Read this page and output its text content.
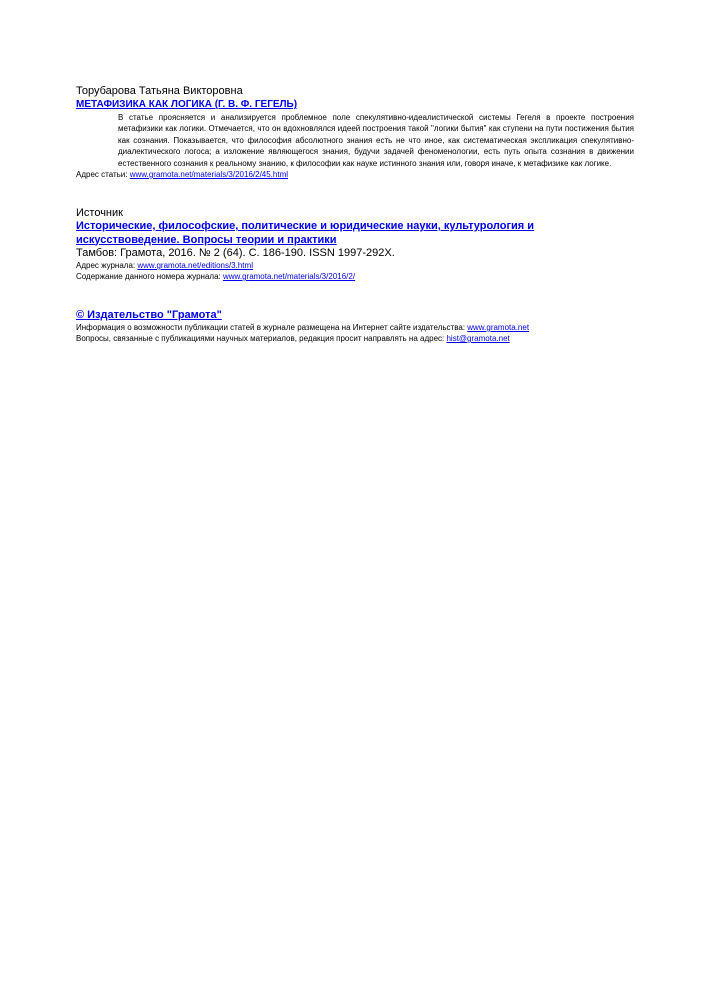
Торубарова Татьяна Викторовна

МЕТАФИЗИКА КАК ЛОГИКА (Г. В. Ф. ГЕГЕЛЬ)

В статье проясняется и анализируется проблемное поле спекулятивно-идеалистической системы Гегеля в проекте построения метафизики как логики. Отмечается, что он вдохновлялся идеей построения такой "логики бытия" как ступени на пути постижения бытия как сознания. Показывается, что философия абсолютного знания есть не что иное, как систематическая экспликация спекулятивно-диалектического логоса; а изложение являющегося знания, будучи задачей феноменологии, есть путь опыта сознания в движении естественного сознания к реальному знанию, к философии как науке истинного знания или, говоря иначе, к метафизике как логике.

Адрес статьи: www.gramota.net/materials/3/2016/2/45.html

Источник

Исторические, философские, политические и юридические науки, культурология и искусствоведение. Вопросы теории и практики

Тамбов: Грамота, 2016. № 2 (64). C. 186-190. ISSN 1997-292X.

Адрес журнала: www.gramota.net/editions/3.html

Содержание данного номера журнала: www.gramota.net/materials/3/2016/2/

© Издательство "Грамота"

Информация о возможности публикации статей в журнале размещена на Интернет сайте издательства: www.gramota.net

Вопросы, связанные с публикациями научных материалов, редакция просит направлять на адрес: hist@gramota.net
